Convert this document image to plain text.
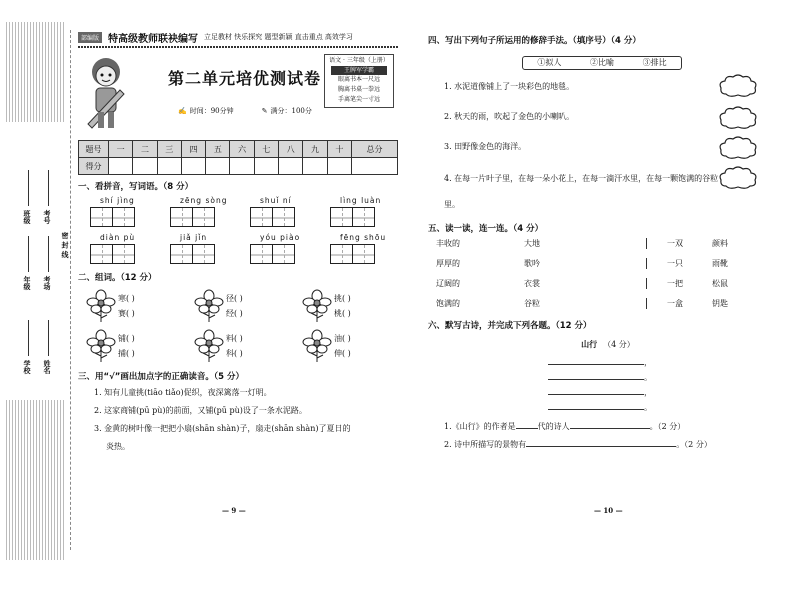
班级 考号
密 封 线
年级 考场
学校 姓名
部编版 特高级教师联袂编写 立足教材 快乐探究 题型新颖 直击重点 高效学习
第二单元培优测试卷
✍ 时间：90分钟	✎ 满分：100分
语文 · 三年级（上册）
王牌军学霸
眼离书本一尺远
胸离书桌一拳远
手离笔尖一寸远
题号	一	二	三	四	五	六	七	八	九	十	总分
得分											
一、看拼音，写词语。（8 分）
shí jìng	zēng sòng	shuǐ ní	lìng luàn
diàn pù	jiǎ jǐn	yóu piào	fēng shōu
二、组词。（12 分）
寒( )
赛( )
径( )
经( )
挑( )
桃( )
铺( )
捕( )
料( )
科( )
油( )
伸( )
三、用“√”画出加点字的正确读音。（5 分）
1. 知有儿童挑(tiāo tiǎo)促织，夜深篱落一灯明。
2. 这家商铺(pū pù)的前面，又铺(pū pù)设了一条水泥路。
3. 金黄的树叶像一把把小扇(shān shàn)子，扇走(shān shàn)了夏日的
炎热。
— 9 —
四、写出下列句子所运用的修辞手法。（填序号）（4 分）
①拟人	②比喻	③排比
1. 水泥道像铺上了一块彩色的地毯。
2. 秋天的雨，吹起了金色的小喇叭。
3. 田野像金色的海洋。
4. 在每一片叶子里，在每一朵小花上，在每一滴汗水里，在每一颗饱满的谷粒
里。
五、读一读，连一连。（4 分）
丰收的	大地	一双	颜料
厚厚的	歌吟	一只	雨靴
辽阔的	衣裳	一把	松鼠
饱满的	谷粒	一盒	钥匙
六、默写古诗，并完成下列各题。（12 分）
山行 （4 分）
，
。
，
。
1.《山行》的作者是	代的诗人	。（2 分）
2. 诗中所描写的景物有	。（2 分）
— 10 —
